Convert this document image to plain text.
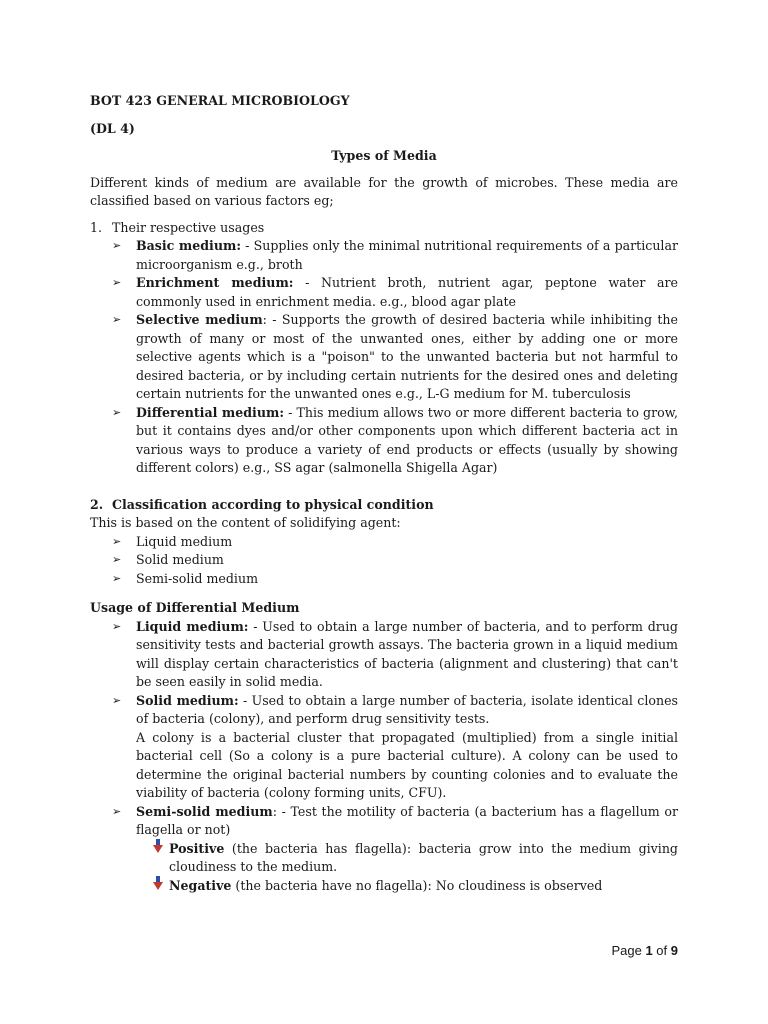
BOT 423 GENERAL MICROBIOLOGY

(DL 4)

Types of Media

Different kinds of medium are available for the growth of microbes. These media are classified based on various factors eg;

1. Their respective usages
➢	Basic medium: - Supplies only the minimal nutritional requirements of a particular microorganism e.g., broth
➢	Enrichment medium: - Nutrient broth, nutrient agar, peptone water are commonly used in enrichment media. e.g., blood agar plate
➢	Selective medium: - Supports the growth of desired bacteria while inhibiting the growth of many or most of the unwanted ones, either by adding one or more selective agents which is a "poison" to the unwanted bacteria but not harmful to desired bacteria, or by including certain nutrients for the desired ones and deleting certain nutrients for the unwanted ones e.g., L-G medium for M. tuberculosis
➢	Differential medium: - This medium allows two or more different bacteria to grow, but it contains dyes and/or other components upon which different bacteria act in various ways to produce a variety of end products or effects (usually by showing different colors) e.g., SS agar (salmonella Shigella Agar)
2. Classification according to physical condition

This is based on the content of solidifying agent:

➢	Liquid medium
➢	Solid medium
➢	Semi-solid medium

Usage of Differential Medium

➢	Liquid medium: - Used to obtain a large number of bacteria, and to perform drug sensitivity tests and bacterial growth assays. The bacteria grown in a liquid medium will display certain characteristics of bacteria (alignment and clustering) that can't be seen easily in solid media.
➢	Solid medium: - Used to obtain a large number of bacteria, isolate identical clones of bacteria (colony), and perform drug sensitivity tests.
A colony is a bacterial cluster that propagated (multiplied) from a single initial bacterial cell (So a colony is a pure bacterial culture). A colony can be used to determine the original bacterial numbers by counting colonies and to evaluate the viability of bacteria (colony forming units, CFU).
➢	Semi-solid medium: - Test the motility of bacteria (a bacterium has a flagellum or flagella or not)
Positive (the bacteria has flagella): bacteria grow into the medium giving cloudiness to the medium.
Negative (the bacteria have no flagella): No cloudiness is observed
Page 1 of 9
